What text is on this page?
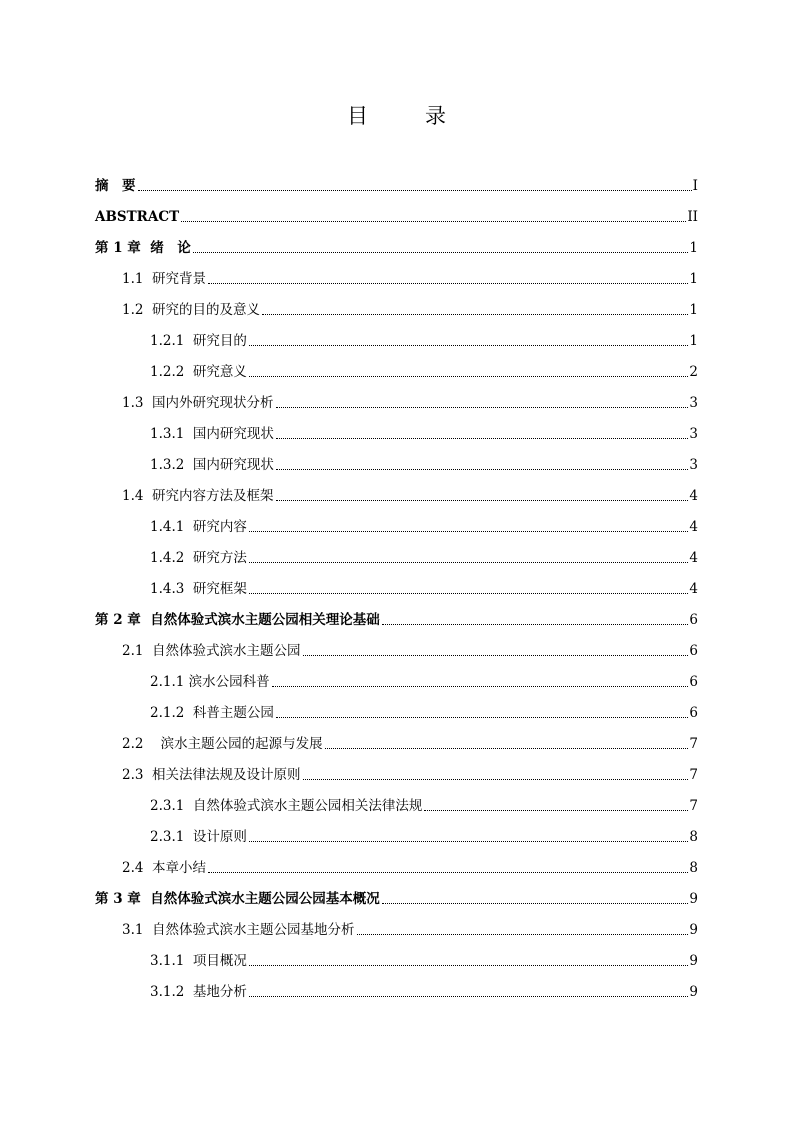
目　录
摘　要	I
ABSTRACT	II
第 1 章  绪　论	1
1.1  研究背景	1
1.2  研究的目的及意义	1
1.2.1  研究目的	1
1.2.2  研究意义	2
1.3  国内外研究现状分析	3
1.3.1  国内研究现状	3
1.3.2  国内研究现状	3
1.4  研究内容方法及框架	4
1.4.1  研究内容	4
1.4.2  研究方法	4
1.4.3  研究框架	4
第 2 章  自然体验式滨水主题公园相关理论基础	6
2.1  自然体验式滨水主题公园	6
2.1.1 滨水公园科普	6
2.1.2  科普主题公园	6
2.2    滨水主题公园的起源与发展	7
2.3  相关法律法规及设计原则	7
2.3.1  自然体验式滨水主题公园相关法律法规	7
2.3.1  设计原则	8
2.4  本章小结	8
第 3 章  自然体验式滨水主题公园公园基本概况	9
3.1  自然体验式滨水主题公园基地分析	9
3.1.1  项目概况	9
3.1.2  基地分析	9
